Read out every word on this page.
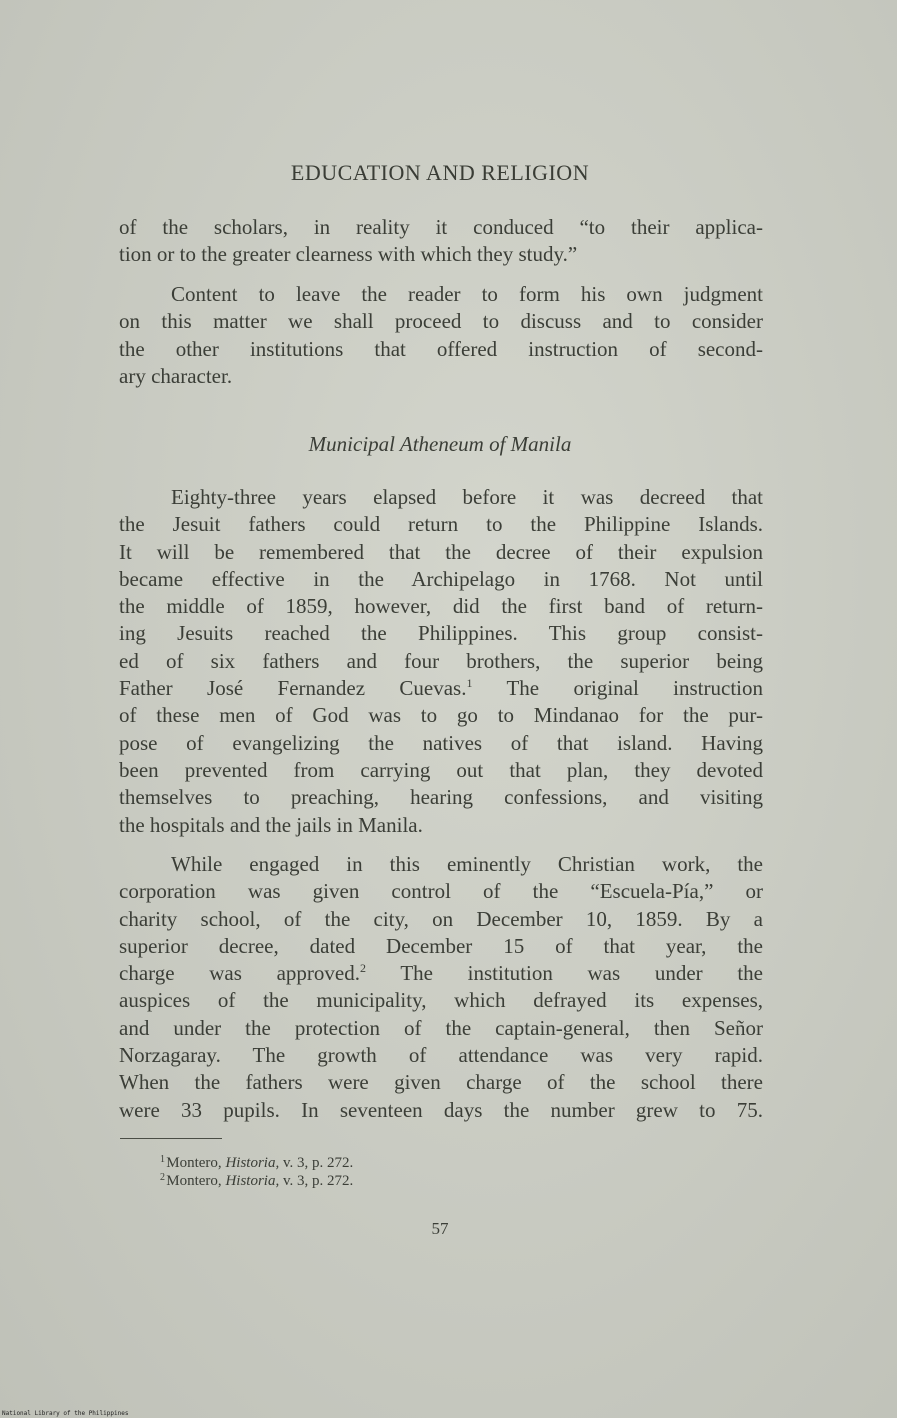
EDUCATION AND RELIGION
of the scholars, in reality it conduced “to their applica-
tion or to the greater clearness with which they study.”
Content to leave the reader to form his own judgment
on this matter we shall proceed to discuss and to consider
the other institutions that offered instruction of second-
ary character.
Municipal Atheneum of Manila
Eighty-three years elapsed before it was decreed that
the Jesuit fathers could return to the Philippine Islands.
It will be remembered that the decree of their expulsion
became effective in the Archipelago in 1768. Not until
the middle of 1859, however, did the first band of return-
ing Jesuits reached the Philippines. This group consist-
ed of six fathers and four brothers, the superior being
Father José Fernandez Cuevas.$^1$ The original instruction
of these men of God was to go to Mindanao for the pur-
pose of evangelizing the natives of that island. Having
been prevented from carrying out that plan, they devoted
themselves to preaching, hearing confessions, and visiting
the hospitals and the jails in Manila.
While engaged in this eminently Christian work, the
corporation was given control of the “Escuela-Pía,” or
charity school, of the city, on December 10, 1859. By a
superior decree, dated December 15 of that year, the
charge was approved.$^2$ The institution was under the
auspices of the municipality, which defrayed its expenses,
and under the protection of the captain-general, then Señor
Norzagaray. The growth of attendance was very rapid.
When the fathers were given charge of the school there
were 33 pupils. In seventeen days the number grew to 75.
$^1$ Montero, Historia, v. 3, p. 272.
$^2$ Montero, Historia, v. 3, p. 272.
57
National Library of the Philippines
